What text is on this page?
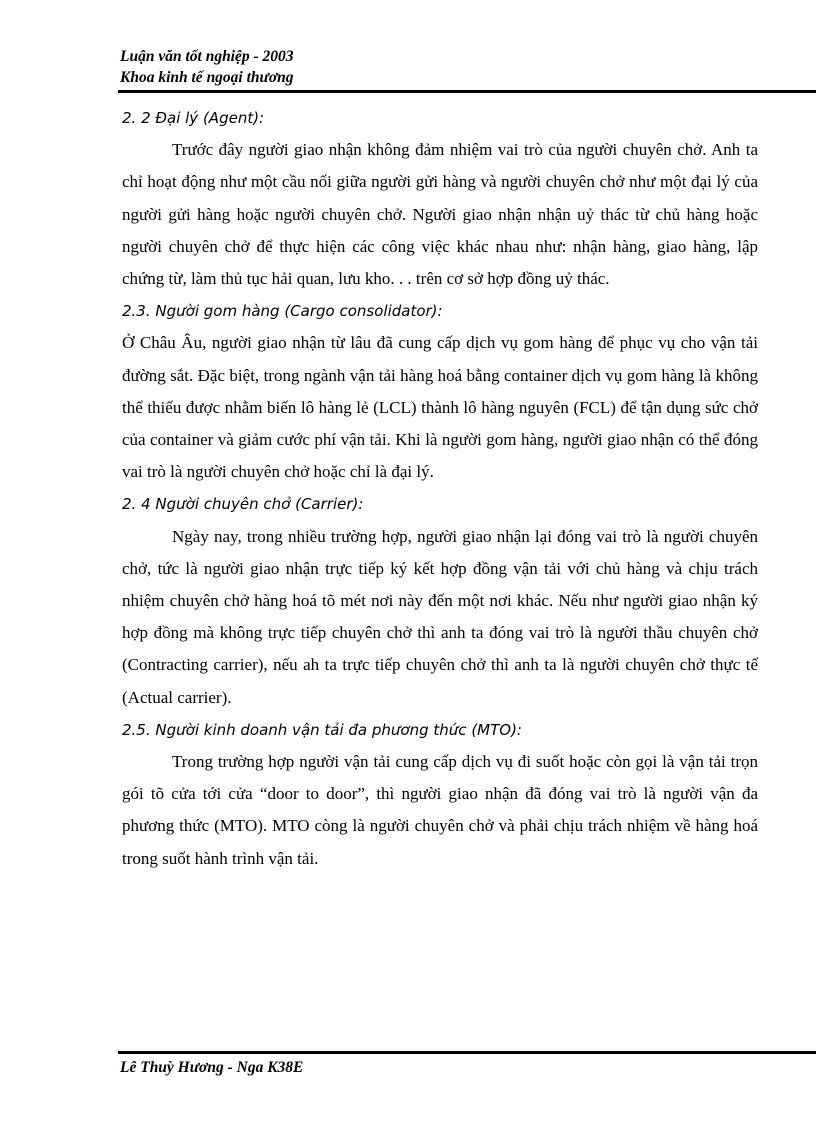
Luận văn tốt nghiệp - 2003
Khoa kinh tế ngoại thương
2. 2 Đại lý (Agent):

Trước đây người giao nhận không đảm nhiệm vai trò của người chuyên chở. Anh ta chỉ hoạt động như một cầu nối giữa người gửi hàng và người chuyên chở như một đại lý của người gửi hàng hoặc người chuyên chở. Người giao nhận nhận uỷ thác từ chủ hàng hoặc người chuyên chở để thực hiện các công việc khác nhau như: nhận hàng, giao hàng, lập chứng từ, làm thủ tục hải quan, lưu kho. . . trên cơ sở hợp đồng uỷ thác.

2.3. Người gom hàng (Cargo consolidator):

Ở Châu Âu, người giao nhận từ lâu đã cung cấp dịch vụ gom hàng để phục vụ cho vận tải đường sắt. Đặc biệt, trong ngành vận tải hàng hoá bằng container dịch vụ gom hàng là không thể thiếu được nhằm biến lô hàng lẻ (LCL) thành lô hàng nguyên (FCL) để tận dụng sức chở của container và giảm cước phí vận tải. Khi là người gom hàng, người giao nhận có thể đóng vai trò là người chuyên chở hoặc chỉ là đại lý.

2. 4 Người chuyên chở (Carrier):

Ngày nay, trong nhiều trường hợp, người giao nhận lại đóng vai trò là người chuyên chở, tức là người giao nhận trực tiếp ký kết hợp đồng vận tải với chủ hàng và chịu trách nhiệm chuyên chở hàng hoá tõ mét nơi này đến một nơi khác. Nếu như người giao nhận ký hợp đồng mà không trực tiếp chuyên chở thì anh ta đóng vai trò là người thầu chuyên chở (Contracting carrier), nếu ah ta trực tiếp chuyên chở thì anh ta là người chuyên chở thực tế (Actual carrier).

2.5. Người kinh doanh vận tải đa phương thức (MTO):

Trong trường hợp người vận tải cung cấp dịch vụ đi suốt hoặc còn gọi là vận tải trọn gói tõ cửa tới cửa “door to door”, thì người giao nhận đã đóng vai trò là người vận đa phương thức (MTO). MTO còng là người chuyên chở và phải chịu trách nhiệm về hàng hoá trong suốt hành trình vận tải.

Lê Thuỳ Hương - Nga K38E
